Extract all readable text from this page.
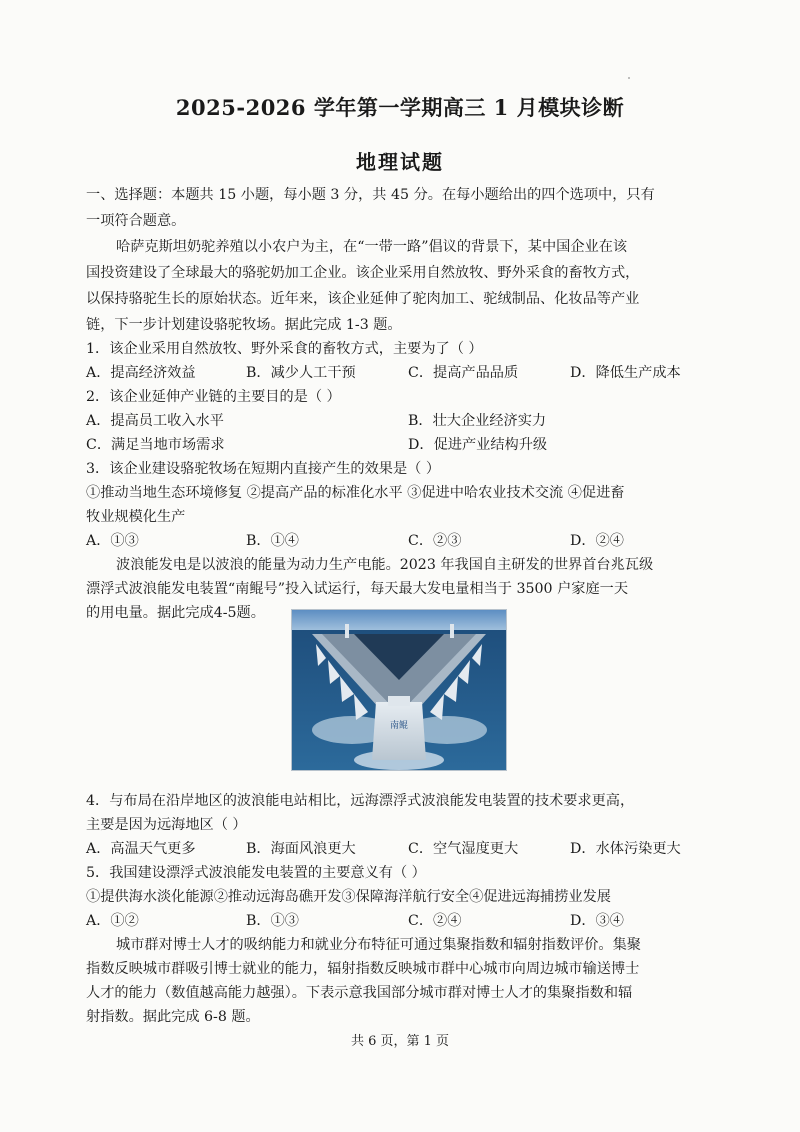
2025-2026 学年第一学期高三 1 月模块诊断
地理试题
一、选择题：本题共 15 小题，每小题 3 分，共 45 分。在每小题给出的四个选项中，只有
一项符合题意。
哈萨克斯坦奶驼养殖以小农户为主，在“一带一路”倡议的背景下，某中国企业在该
国投资建设了全球最大的骆驼奶加工企业。该企业采用自然放牧、野外采食的畜牧方式，
以保持骆驼生长的原始状态。近年来，该企业延伸了驼肉加工、驼绒制品、化妆品等产业
链，下一步计划建设骆驼牧场。据此完成 1-3 题。
1．该企业采用自然放牧、野外采食的畜牧方式，主要为了（ ）
A．提高经济效益	B．减少人工干预	C．提高产品品质	D．降低生产成本
2．该企业延伸产业链的主要目的是（ ）
A．提高员工收入水平	B．壮大企业经济实力
C．满足当地市场需求	D．促进产业结构升级
3．该企业建设骆驼牧场在短期内直接产生的效果是（ ）
①推动当地生态环境修复 ②提高产品的标准化水平 ③促进中哈农业技术交流 ④促进畜
牧业规模化生产
A．①③	B．①④	C．②③	D．②④
波浪能发电是以波浪的能量为动力生产电能。2023 年我国自主研发的世界首台兆瓦级
漂浮式波浪能发电装置“南鲲号”投入试运行，每天最大发电量相当于 3500 户家庭一天
的用电量。据此完成4-5题。
南鲲
4．与布局在沿岸地区的波浪能电站相比，远海漂浮式波浪能发电装置的技术要求更高，
主要是因为远海地区（ ）
A．高温天气更多	B．海面风浪更大	C．空气湿度更大	D．水体污染更大
5．我国建设漂浮式波浪能发电装置的主要意义有（ ）
①提供海水淡化能源②推动远海岛礁开发③保障海洋航行安全④促进远海捕捞业发展
A．①②	B．①③	C．②④	D．③④
城市群对博士人才的吸纳能力和就业分布特征可通过集聚指数和辐射指数评价。集聚
指数反映城市群吸引博士就业的能力，辐射指数反映城市群中心城市向周边城市输送博士
人才的能力（数值越高能力越强）。下表示意我国部分城市群对博士人才的集聚指数和辐
射指数。据此完成 6-8 题。
共 6 页，第 1 页
